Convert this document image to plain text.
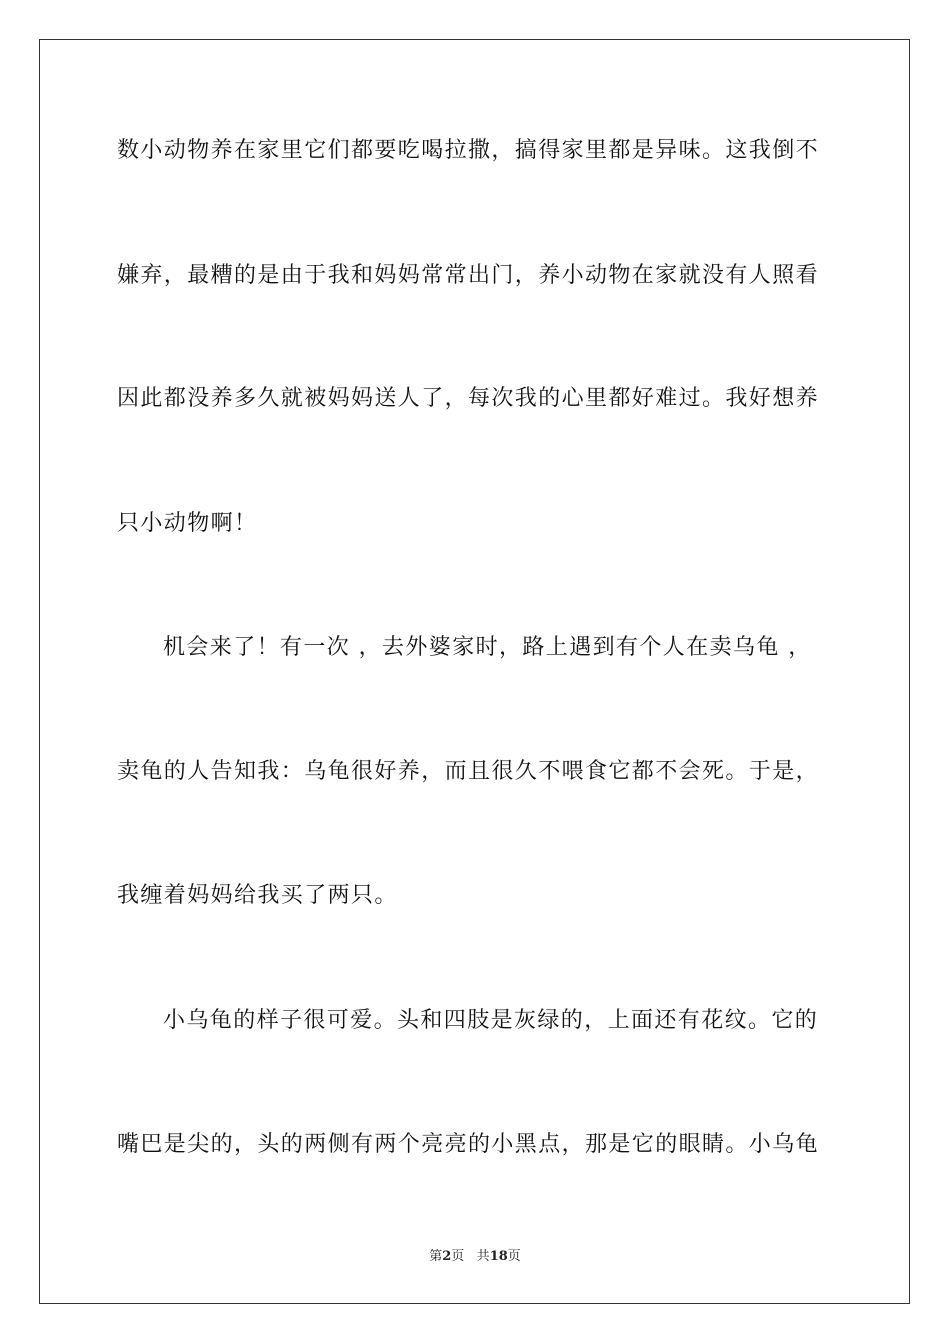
数小动物养在家里它们都要吃喝拉撒，搞得家里都是异味。这我倒不
嫌弃，最糟的是由于我和妈妈常常出门，养小动物在家就没有人照看
因此都没养多久就被妈妈送人了，每次我的心里都好难过。我好想养
只小动物啊！
机会来了！有一次 ，去外婆家时，路上遇到有个人在卖乌龟 ，
卖龟的人告知我：乌龟很好养，而且很久不喂食它都不会死。于是，
我缠着妈妈给我买了两只。
小乌龟的样子很可爱。头和四肢是灰绿的，上面还有花纹。它的
嘴巴是尖的，头的两侧有两个亮亮的小黑点，那是它的眼睛。小乌龟
第2页 共18页
